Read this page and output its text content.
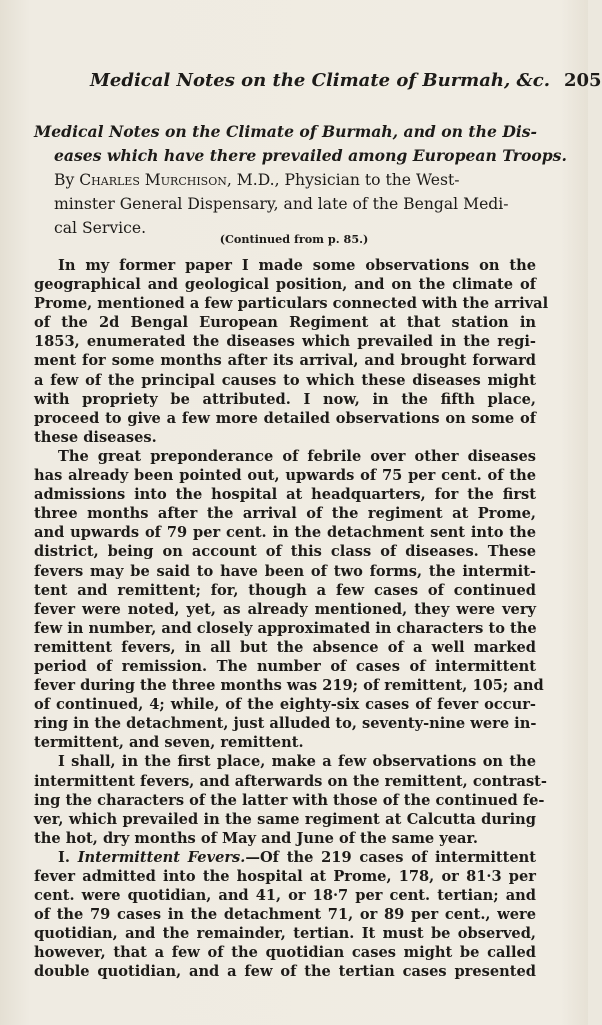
Medical Notes on the Climate of Burmah, &c. 205
Medical Notes on the Climate of Burmah, and on the Dis-
eases which have there prevailed among European Troops.
By Charles Murchison, M.D., Physician to the West-
minster General Dispensary, and late of the Bengal Medi-
cal Service.
(Continued from p. 85.)
In my former paper I made some observations on the
geographical and geological position, and on the climate of
Prome, mentioned a few particulars connected with the arrival
of the 2d Bengal European Regiment at that station in
1853, enumerated the diseases which prevailed in the regi-
ment for some months after its arrival, and brought forward
a few of the principal causes to which these diseases might
with propriety be attributed. I now, in the fifth place,
proceed to give a few more detailed observations on some of
these diseases.
The great preponderance of febrile over other diseases
has already been pointed out, upwards of 75 per cent. of the
admissions into the hospital at headquarters, for the first
three months after the arrival of the regiment at Prome,
and upwards of 79 per cent. in the detachment sent into the
district, being on account of this class of diseases. These
fevers may be said to have been of two forms, the intermit-
tent and remittent; for, though a few cases of continued
fever were noted, yet, as already mentioned, they were very
few in number, and closely approximated in characters to the
remittent fevers, in all but the absence of a well marked
period of remission. The number of cases of intermittent
fever during the three months was 219; of remittent, 105; and
of continued, 4; while, of the eighty-six cases of fever occur-
ring in the detachment, just alluded to, seventy-nine were in-
termittent, and seven, remittent.
I shall, in the first place, make a few observations on the
intermittent fevers, and afterwards on the remittent, contrast-
ing the characters of the latter with those of the continued fe-
ver, which prevailed in the same regiment at Calcutta during
the hot, dry months of May and June of the same year.
I. Intermittent Fevers.—Of the 219 cases of intermittent
fever admitted into the hospital at Prome, 178, or 81·3 per
cent. were quotidian, and 41, or 18·7 per cent. tertian; and
of the 79 cases in the detachment 71, or 89 per cent., were
quotidian, and the remainder, tertian. It must be observed,
however, that a few of the quotidian cases might be called
double quotidian, and a few of the tertian cases presented
